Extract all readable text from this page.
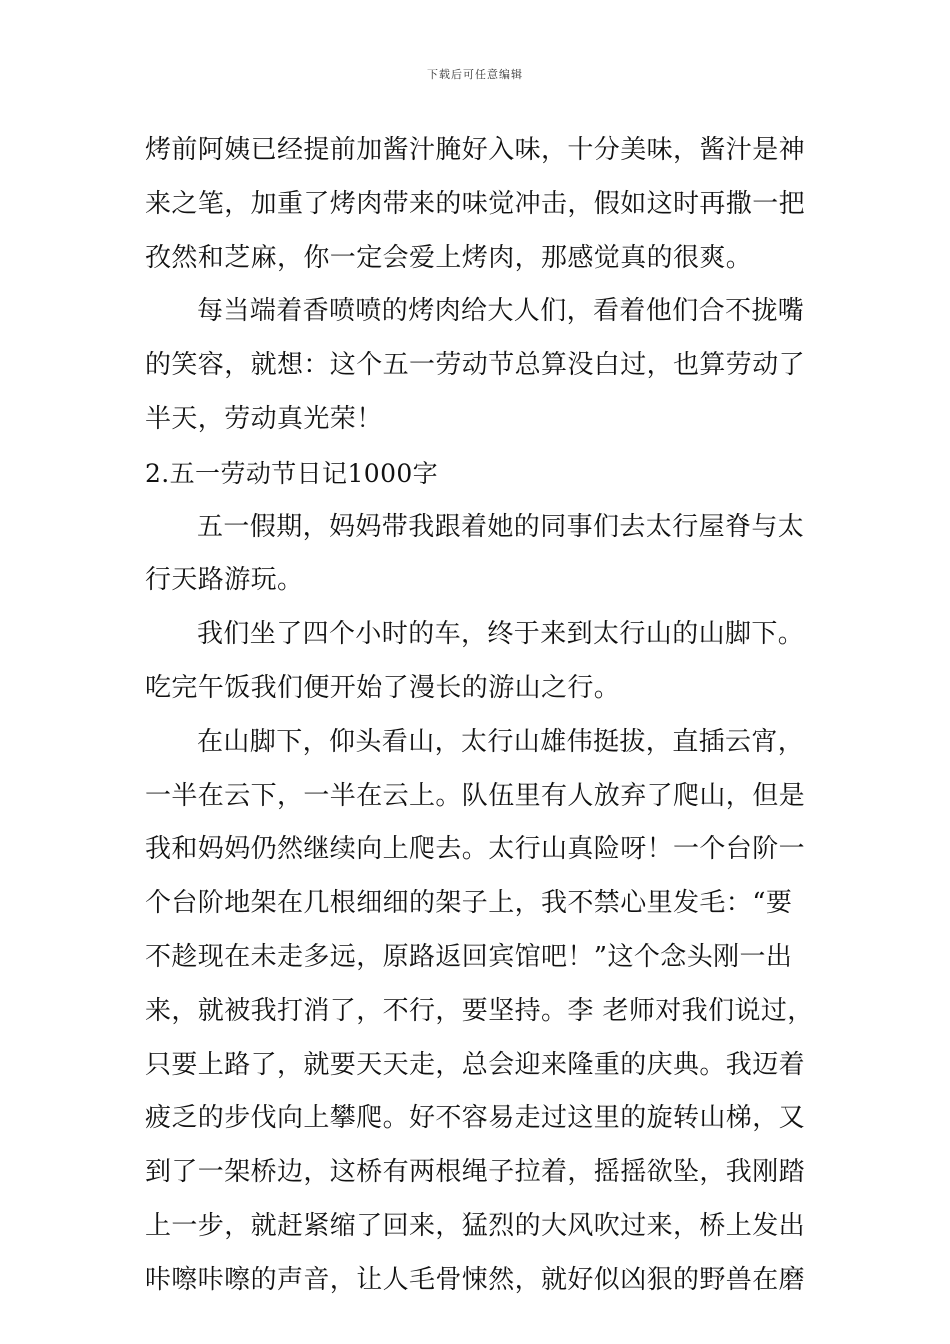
下载后可任意编辑
烤前阿姨已经提前加酱汁腌好入味，十分美味，酱汁是神
来之笔，加重了烤肉带来的味觉冲击，假如这时再撒一把
孜然和芝麻，你一定会爱上烤肉，那感觉真的很爽。
每当端着香喷喷的烤肉给大人们，看着他们合不拢嘴
的笑容，就想：这个五一劳动节总算没白过，也算劳动了
半天，劳动真光荣！
2.五一劳动节日记1000字
五一假期，妈妈带我跟着她的同事们去太行屋脊与太
行天路游玩。
我们坐了四个小时的车，终于来到太行山的山脚下。
吃完午饭我们便开始了漫长的游山之行。
在山脚下，仰头看山，太行山雄伟挺拔，直插云宵，
一半在云下，一半在云上。队伍里有人放弃了爬山，但是
我和妈妈仍然继续向上爬去。太行山真险呀！一个台阶一
个台阶地架在几根细细的架子上，我不禁心里发毛：“要
不趁现在未走多远，原路返回宾馆吧！”这个念头刚一出
来，就被我打消了，不行，要坚持。李 老师对我们说过，
只要上路了，就要天天走，总会迎来隆重的庆典。我迈着
疲乏的步伐向上攀爬。好不容易走过这里的旋转山梯，又
到了一架桥边，这桥有两根绳子拉着，摇摇欲坠，我刚踏
上一步，就赶紧缩了回来，猛烈的大风吹过来，桥上发出
咔嚓咔嚓的声音，让人毛骨悚然，就好似凶狠的野兽在磨
